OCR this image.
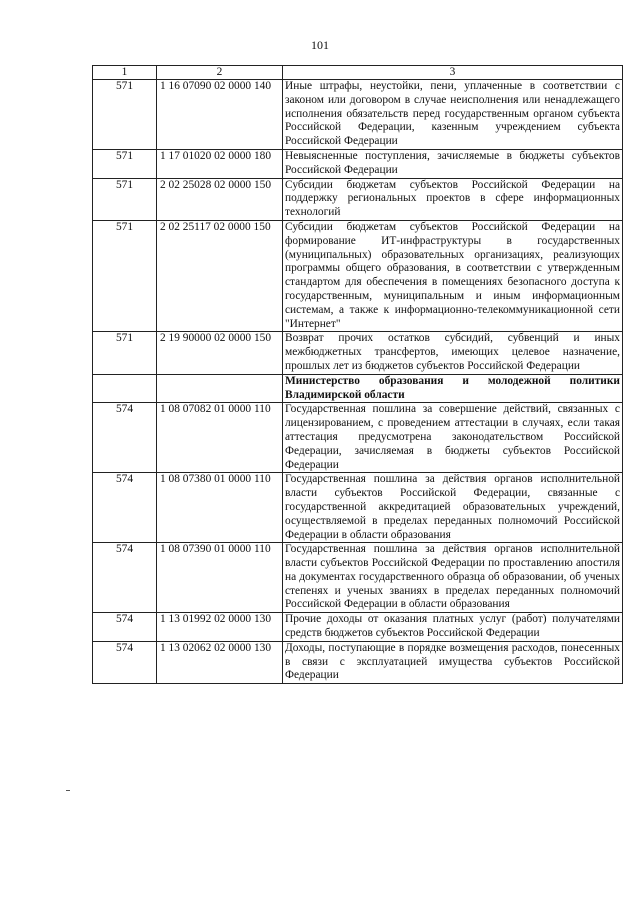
101
1	2	3
571	1 16 07090 02 0000 140	Иные штрафы, неустойки, пени, уплаченные в соответствии с законом или договором в случае неисполнения или ненадлежащего исполнения обязательств перед государственным органом субъекта Российской Федерации, казенным учреждением субъекта Российской Федерации
571	1 17 01020 02 0000 180	Невыясненные поступления, зачисляемые в бюджеты субъектов Российской Федерации
571	2 02 25028 02 0000 150	Субсидии бюджетам субъектов Российской Федерации на поддержку региональных проектов в сфере информационных технологий
571	2 02 25117 02 0000 150	Субсидии бюджетам субъектов Российской Федерации на формирование ИТ-инфраструктуры в государственных (муниципальных) образовательных организациях, реализующих программы общего образования, в соответствии с утвержденным стандартом для обеспечения в помещениях безопасного доступа к государственным, муниципальным и иным информационным системам, а также к информационно-телекоммуникационной сети "Интернет"
571	2 19 90000 02 0000 150	Возврат прочих остатков субсидий, субвенций и иных межбюджетных трансфертов, имеющих целевое назначение, прошлых лет из бюджетов субъектов Российской Федерации
		Министерство образования и молодежной политики Владимирской области
574	1 08 07082 01 0000 110	Государственная пошлина за совершение действий, связанных с лицензированием, с проведением аттестации в случаях, если такая аттестация предусмотрена законодательством Российской Федерации, зачисляемая в бюджеты субъектов Российской Федерации
574	1 08 07380 01 0000 110	Государственная пошлина за действия органов исполнительной власти субъектов Российской Федерации, связанные с государственной аккредитацией образовательных учреждений, осуществляемой в пределах переданных полномочий Российской Федерации в области образования
574	1 08 07390 01 0000 110	Государственная пошлина за действия органов исполнительной власти субъектов Российской Федерации по проставлению апостиля на документах государственного образца об образовании, об ученых степенях и ученых званиях в пределах переданных полномочий Российской Федерации в области образования
574	1 13 01992 02 0000 130	Прочие доходы от оказания платных услуг (работ) получателями средств бюджетов субъектов Российской Федерации
574	1 13 02062 02 0000 130	Доходы, поступающие в порядке возмещения расходов, понесенных в связи с эксплуатацией имущества субъектов Российской Федерации
